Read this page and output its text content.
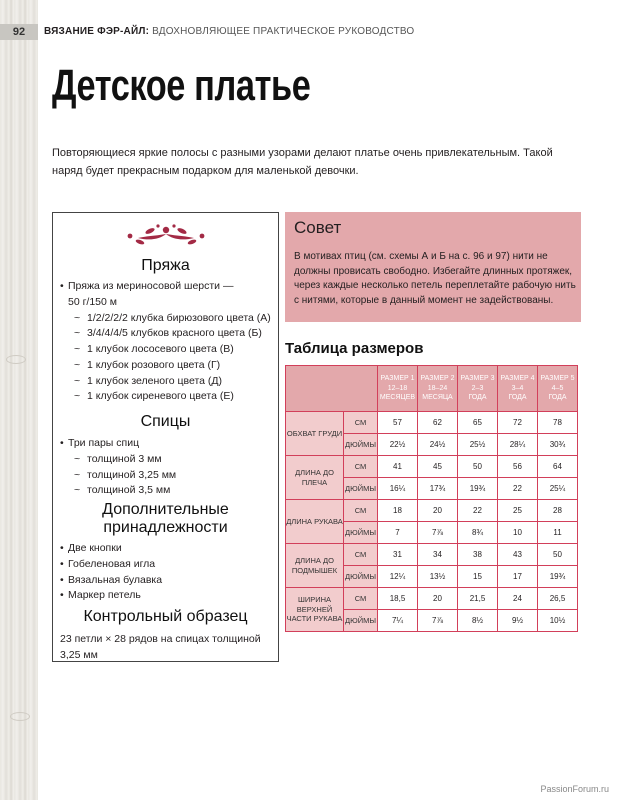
92	ВЯЗАНИЕ ФЭР-АЙЛ: ВДОХНОВЛЯЮЩЕЕ ПРАКТИЧЕСКОЕ РУКОВОДСТВО
Детское платье

Повторяющиеся яркие полосы с разными узорами делают платье очень привлекательным. Такой наряд будет прекрасным подарком для маленькой девочки.

Пряжа
• Пряжа из мериносовой шерсти —
50 г/150 м
~ 1/2/2/2/2 клубка бирюзового цвета (А)
~ 3/4/4/4/5 клубков красного цвета (Б)
~ 1 клубок лососевого цвета (В)
~ 1 клубок розового цвета (Г)
~ 1 клубок зеленого цвета (Д)
~ 1 клубок сиреневого цвета (Е)
Спицы
• Три пары спиц
~ толщиной 3 мм
~ толщиной 3,25 мм
~ толщиной 3,5 мм
Дополнительные
принадлежности
• Две кнопки
• Гобеленовая игла
• Вязальная булавка
• Маркер петель
Контрольный образец

23 петли × 28 рядов на спицах толщиной 3,25 мм

Совет

В мотивах птиц (см. схемы А и Б на с. 96 и 97) нити не должны провисать свободно. Избегайте длинных протяжек, через каждые несколько петель переплетайте рабочую нить с нитями, которые в данный момент не задействованы.

Таблица размеров
		РАЗМЕР 1
12–18
МЕСЯЦЕВ	РАЗМЕР 2
18–24
МЕСЯЦА	РАЗМЕР 3
2–3
ГОДА	РАЗМЕР 4
3–4
ГОДА	РАЗМЕР 5
4–5
ГОДА
ОБХВАТ ГРУДИ	СМ	57	62	65	72	78
	ДЮЙМЫ	22½	24½	25½	28¼	30¾
ДЛИНА ДО ПЛЕЧА	СМ	41	45	50	56	64
	ДЮЙМЫ	16¼	17¾	19¾	22	25¼
ДЛИНА РУКАВА	СМ	18	20	22	25	28
	ДЮЙМЫ	7	7⅞	8¾	10	11
ДЛИНА ДО ПОДМЫШЕК	СМ	31	34	38	43	50
	ДЮЙМЫ	12¼	13½	15	17	19¾
ШИРИНА ВЕРХНЕЙ ЧАСТИ РУКАВА	СМ	18,5	20	21,5	24	26,5
	ДЮЙМЫ	7¼	7⅞	8½	9½	10½
PassionForum.ru
